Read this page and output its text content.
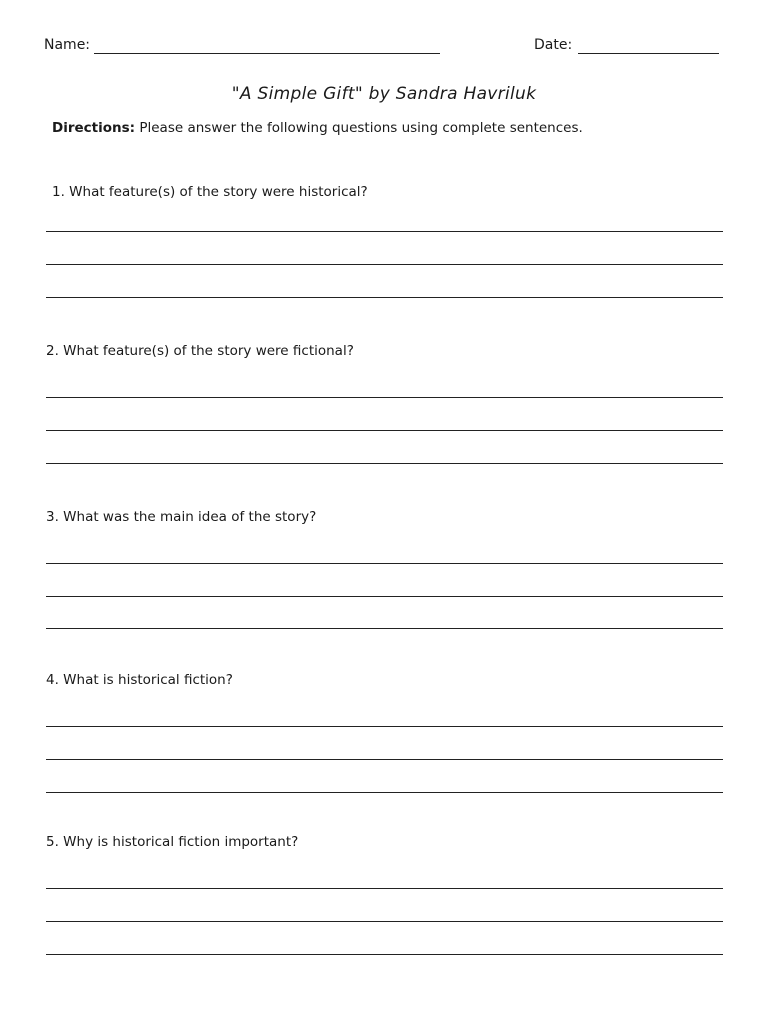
Name:	Date:
"A Simple Gift" by Sandra Havriluk
Directions: Please answer the following questions using complete sentences.
1. What feature(s) of the story were historical?
2. What feature(s) of the story were fictional?
3. What was the main idea of the story?
4. What is historical fiction?
5. Why is historical fiction important?
